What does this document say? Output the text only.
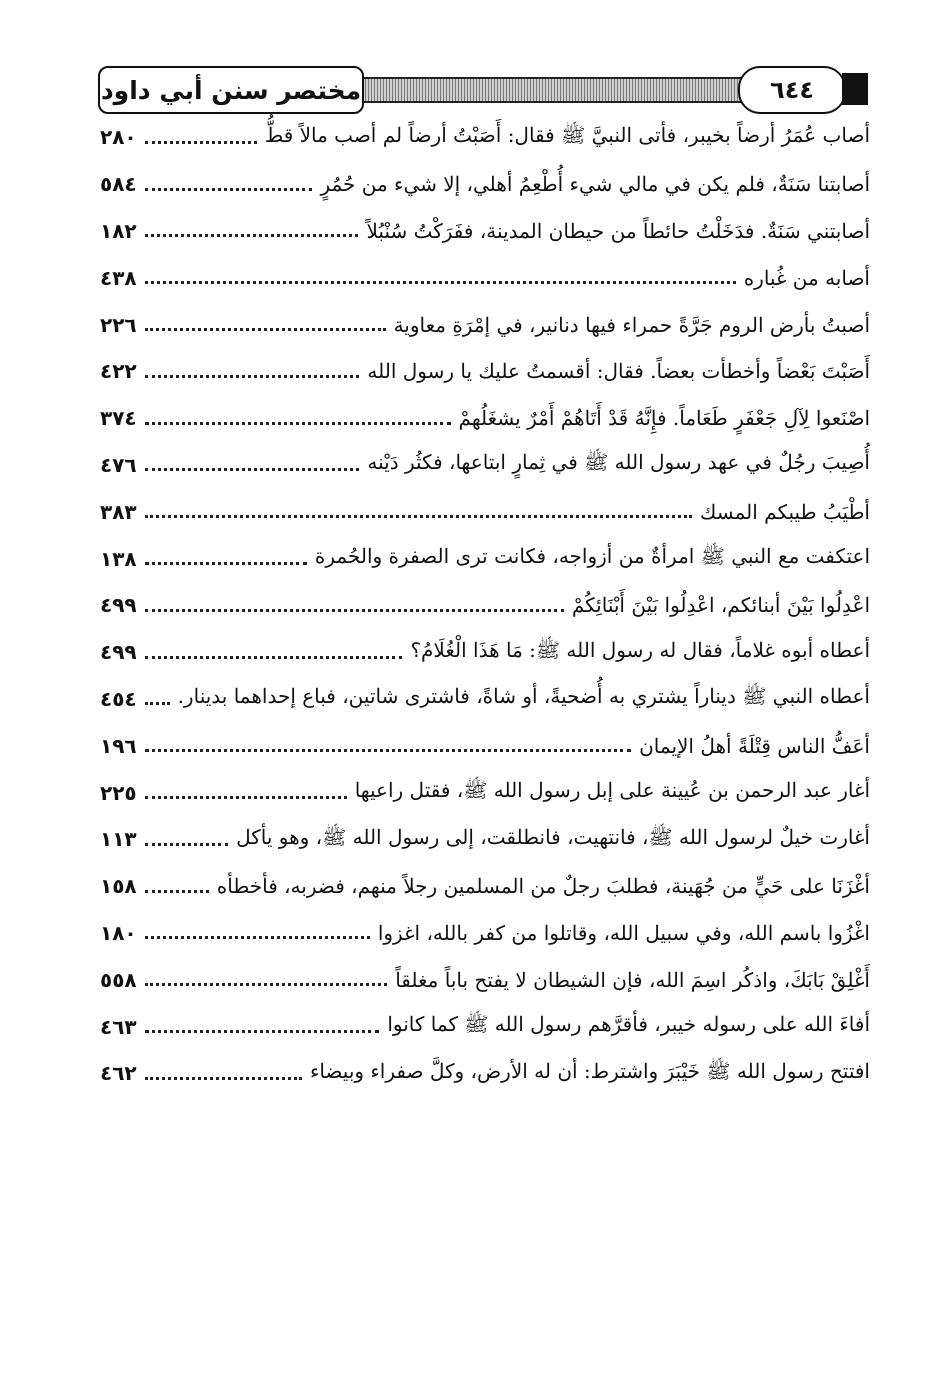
مختصر سنن أبي داود	٦٤٤
أصاب عُمَرُ أرضاً بخيبر، فأتى النبيَّ ﷺ فقال: أَصَبْتُ أرضاً لم أصب مالاً قطُّ
٢٨٠
أصابتنا سَنَةٌ، فلم يكن في مالي شيء أُطْعِمُ أهلي، إلا شيء من حُمُرٍ
٥٨٤
أصابتني سَنَةٌ. فدَخَلْتُ حائطاً من حيطان المدينة، ففَرَكْتُ سُنْبُلاً
١٨٢
أصابه من غُباره
٤٣٨
أصبتُ بأرض الروم جَرَّةً حمراء فيها دنانير، في إمْرَةِ معاوية
٢٢٦
أَصَبْتَ بَعْضاً وأخطأت بعضاً. فقال: أقسمتُ عليك يا رسول الله
٤٢٢
اصْنَعوا لِآلِ جَعْفَرٍ طَعَاماً. فإِنَّهُ قَدْ أَتَاهُمْ أَمْرٌ يشغَلُهمْ
٣٧٤
أُصِيبَ رجُلٌ في عهد رسول الله ﷺ في ثِمارٍ ابتاعها، فكثُر دَيْنه
٤٧٦
أطْيَبُ طيبكم المسك
٣٨٣
اعتكفت مع النبي ﷺ امرأةٌ من أزواجه، فكانت ترى الصفرة والحُمرة
١٣٨
اعْدِلُوا بَيْنَ أبنائكم، اعْدِلُوا بَيْنَ أَبْنَائِكُمْ
٤٩٩
أعطاه أبوه غلاماً، فقال له رسول الله ﷺ: مَا هَذَا الْغُلَامُ؟
٤٩٩
أعطاه النبي ﷺ ديناراً يشتري به أُضحيةً، أو شاةً، فاشترى شاتين، فباع إحداهما بدينار.
٤٥٤
أعَفُّ الناس قِتْلَةً أهلُ الإيمان
١٩٦
أغار عبد الرحمن بن عُيينة على إبل رسول الله ﷺ، فقتل راعيها
٢٢٥
أغارت خيلٌ لرسول الله ﷺ، فانتهيت، فانطلقت، إلى رسول الله ﷺ، وهو يأكل
١١٣
أغْزَنَا على حَيٍّ من جُهَينة، فطلبَ رجلٌ من المسلمين رجلاً منهم، فضربه، فأخطأه
١٥٨
اغْزُوا باسم الله، وفي سبيل الله، وقاتلوا من كفر بالله، اغزوا
١٨٠
أَغْلِقْ بَابَكَ، واذكُر اسِمَ الله، فإن الشيطان لا يفتح باباً مغلقاً
٥٥٨
أفاءَ الله على رسوله خيبر، فأقرَّهم رسول الله ﷺ كما كانوا
٤٦٣
افتتح رسول الله ﷺ خَيْبَرَ واشترط: أن له الأرض، وكلَّ صفراء وبيضاء
٤٦٢
